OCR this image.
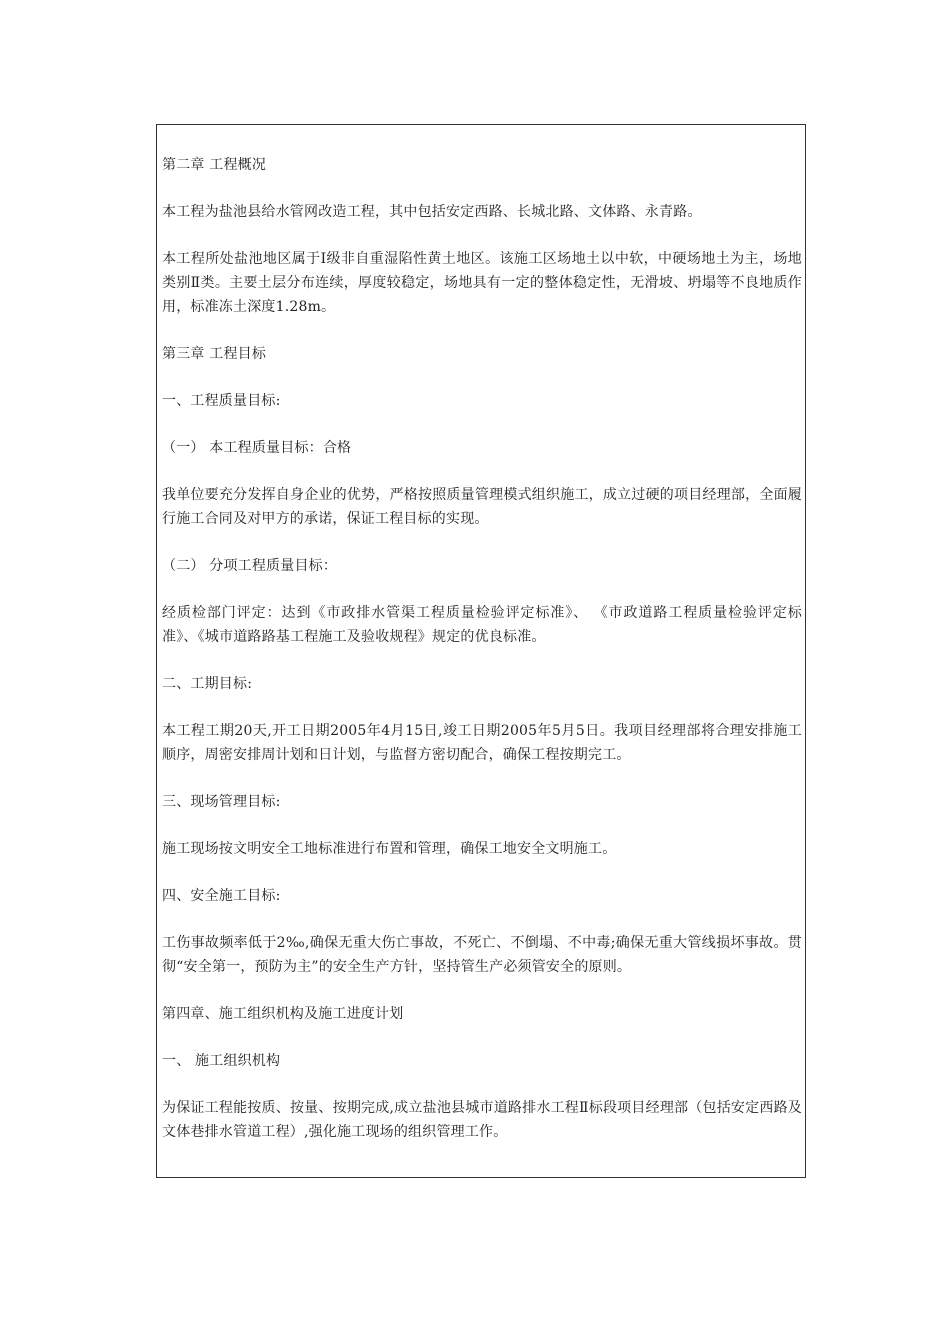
第二章 工程概况

本工程为盐池县给水管网改造工程，其中包括安定西路、长城北路、文体路、永青路。

本工程所处盐池地区属于Ⅰ级非自重湿陷性黄土地区。该施工区场地土以中软，中硬场地土为主，场地类别Ⅱ类。主要土层分布连续，厚度较稳定，场地具有一定的整体稳定性，无滑坡、坍塌等不良地质作用，标准冻土深度1.28m。

第三章 工程目标

一、工程质量目标:

（一） 本工程质量目标：合格

我单位要充分发挥自身企业的优势，严格按照质量管理模式组织施工，成立过硬的项目经理部，全面履行施工合同及对甲方的承诺，保证工程目标的实现。

（二） 分项工程质量目标：

经质检部门评定：达到《市政排水管渠工程质量检验评定标准》、 《市政道路工程质量检验评定标准》、《城市道路路基工程施工及验收规程》规定的优良标准。

二、工期目标:

本工程工期20天,开工日期2005年4月15日,竣工日期2005年5月5日。我项目经理部将合理安排施工顺序，周密安排周计划和日计划，与监督方密切配合，确保工程按期完工。

三、现场管理目标:

施工现场按文明安全工地标准进行布置和管理，确保工地安全文明施工。

四、安全施工目标:

工伤事故频率低于2‰,确保无重大伤亡事故，不死亡、不倒塌、不中毒;确保无重大管线损坏事故。贯彻“安全第一，预防为主”的安全生产方针，坚持管生产必须管安全的原则。

第四章、施工组织机构及施工进度计划

一、 施工组织机构

为保证工程能按质、按量、按期完成,成立盐池县城市道路排水工程Ⅱ标段项目经理部（包括安定西路及文体巷排水管道工程）,强化施工现场的组织管理工作。
